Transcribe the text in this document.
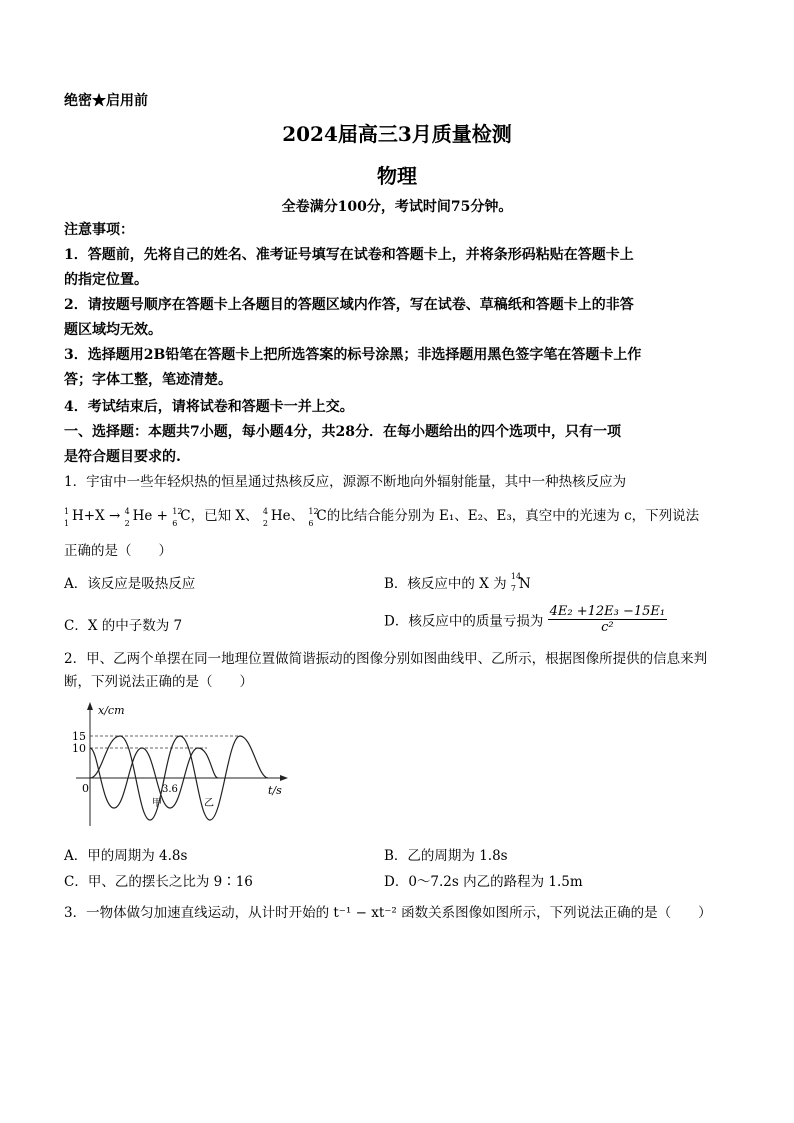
绝密★启用前
2024届高三3月质量检测
物理
全卷满分100分，考试时间75分钟。
注意事项：
1．答题前，先将自己的姓名、准考证号填写在试卷和答题卡上，并将条形码粘贴在答题卡上
的指定位置。
2．请按题号顺序在答题卡上各题目的答题区域内作答，写在试卷、草稿纸和答题卡上的非答
题区域均无效。
3．选择题用2B铅笔在答题卡上把所选答案的标号涂黑；非选择题用黑色签字笔在答题卡上作
答；字体工整，笔迹清楚。
4．考试结束后，请将试卷和答题卡一并上交。
一、选择题：本题共7小题，每小题4分，共28分．在每小题给出的四个选项中，只有一项
是符合题目要求的.
1．宇宙中一些年轻炽热的恒星通过热核反应，源源不断地向外辐射能量，其中一种热核反应为
1
1 H+X → 4
2 He + 12
6 C，已知 X、 4
2 He、 12
6 C的比结合能分别为 E₁、E₂、E₃，真空中的光速为 c，下列说法
正确的是（　　）
A．该反应是吸热反应	B．核反应中的 X 为 14
7 N
C．X 的中子数为 7	D．核反应中的质量亏损为 $\frac{\text{4E₂ +12E₃ −15E₁}}{\text{c²}}$
2．甲、乙两个单摆在同一地理位置做简谐振动的图像分别如图曲线甲、乙所示，根据图像所提供的信息来判
断，下列说法正确的是（　　）
x/cm
t/s
15
10
0	3.6
甲	乙
A．甲的周期为 4.8s	B．乙的周期为 1.8s
C．甲、乙的摆长之比为 9∶16	D．0～7.2s 内乙的路程为 1.5m
3．一物体做匀加速直线运动，从计时开始的 t⁻¹ − xt⁻² 函数关系图像如图所示，下列说法正确的是（　　）
